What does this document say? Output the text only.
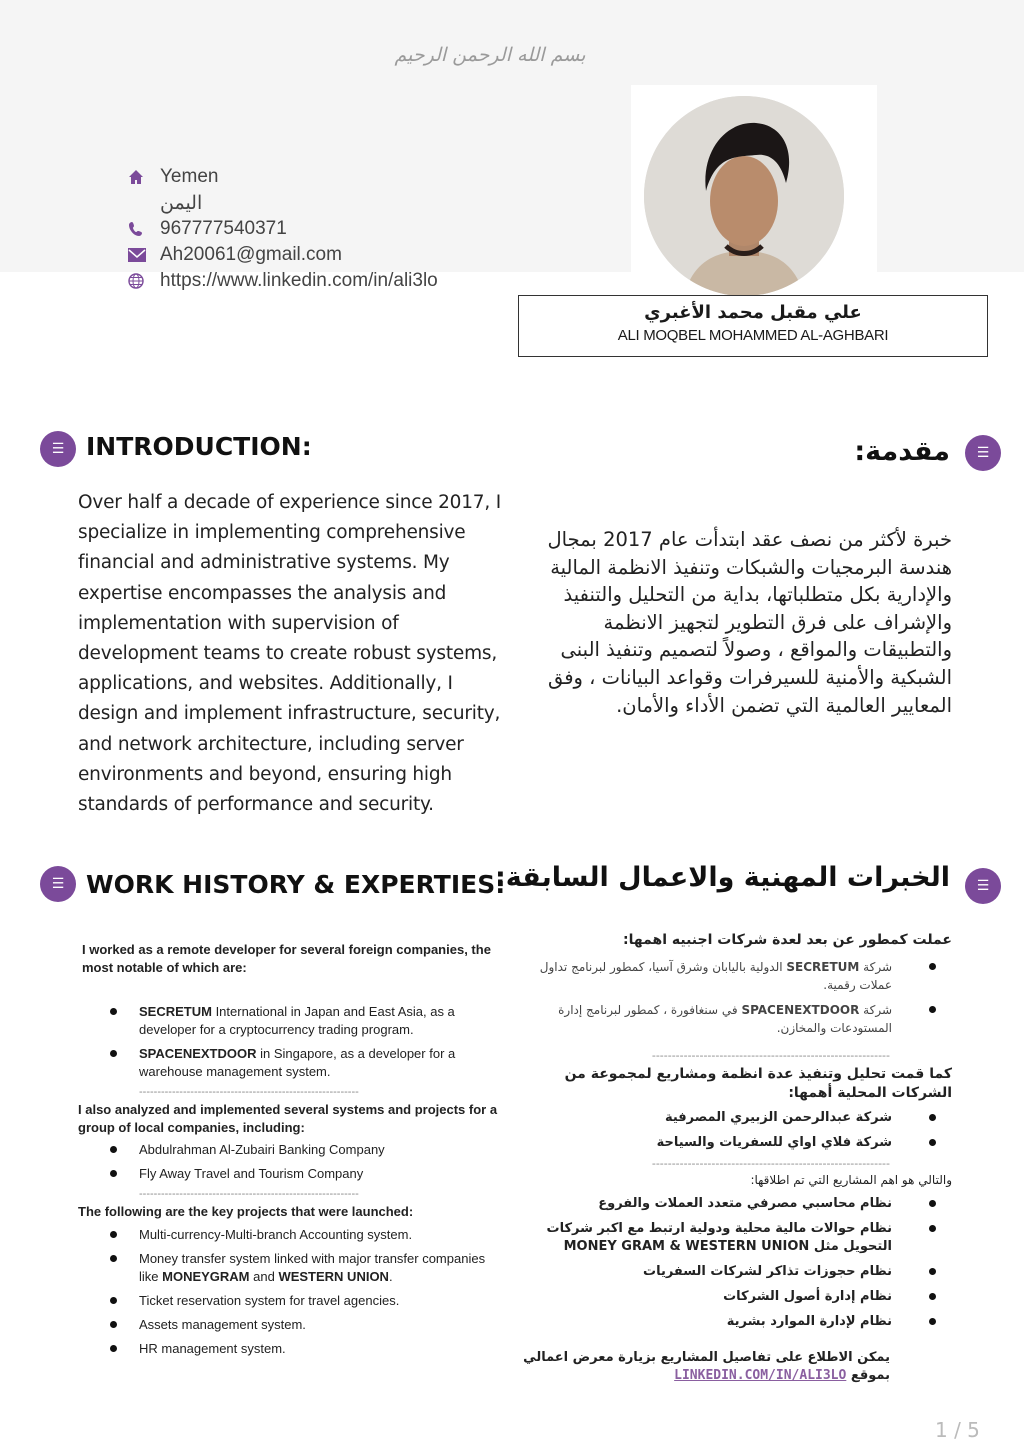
بسم الله الرحمن الرحيم
Yemen
اليمن
967777540371
Ah20061@gmail.com
https://www.linkedin.com/in/ali3lo
علي مقبل محمد الأغبري
ALI MOQBEL MOHAMMED AL-AGHBARI
☰ INTRODUCTION:	☰
مقدمة:
Over half a decade of experience since 2017, I specialize in implementing comprehensive financial and administrative systems. My expertise encompasses the analysis and implementation with supervision of development teams to create robust systems, applications, and websites. Additionally, I design and implement infrastructure, security, and network architecture, including server environments and beyond, ensuring high standards of performance and security.
خبرة لأكثر من نصف عقد ابتدأت عام 2017 بمجال هندسة البرمجيات والشبكات وتنفيذ الانظمة المالية والإدارية بكل متطلباتها، بداية من التحليل والتنفيذ والإشراف على فرق التطوير لتجهيز الانظمة والتطبيقات والمواقع ، وصولاً لتصميم وتنفيذ البنى الشبكية والأمنية للسيرفرات وقواعد البيانات ، وفق المعايير العالمية التي تضمن الأداء والأمان.
☰ WORK HISTORY & EXPERTIES:	☰
الخبرات المهنية والاعمال السابقة:
I worked as a remote developer for several foreign companies, the most notable of which are:
SECRETUM International in Japan and East Asia, as a developer for a cryptocurrency trading program.
SPACENEXTDOOR in Singapore, as a developer for a warehouse management system.
------------------------------------------------------------
I also analyzed and implemented several systems and projects for a group of local companies, including:
Abdulrahman Al-Zubairi Banking Company
Fly Away Travel and Tourism Company
------------------------------------------------------------
The following are the key projects that were launched:
Multi-currency-Multi-branch Accounting system.
Money transfer system linked with major transfer companies like MONEYGRAM and WESTERN UNION.
Ticket reservation system for travel agencies.
Assets management system.
HR management system.
عملت كمطور عن بعد لعدة شركات اجنبيه اهمها:
شركة SECRETUM الدولية باليابان وشرق آسيا، كمطور لبرنامج تداول عملات رقمية.
شركة SPACENEXTDOOR في سنغافورة ، كمطور لبرنامج إدارة المستودعات والمخازن.
------------------------------------------------------------
كما قمت تحليل وتنفيذ عدة انظمة ومشاريع لمجموعة من الشركات المحلية أهمها:
شركة عبدالرحمن الزبيري المصرفية
شركة فلاي اواي للسفريات والسياحة
------------------------------------------------------------
والتالي هو اهم المشاريع التي تم اطلاقها:
نظام محاسبي مصرفي متعدد العملات والفروع
نظام حوالات مالية محلية ودولية ارتبط مع اكبر شركات التحويل مثل MONEY GRAM & WESTERN UNION
نظام حجوزات تذاكر لشركات السفريات
نظام إدارة أصول الشركات
نظام لإدارة الموارد بشرية
يمكن الاطلاع على تفاصيل المشاريع بزيارة معرض اعمالي بموقع LINKEDIN.COM/IN/ALI3LO
1 / 5
